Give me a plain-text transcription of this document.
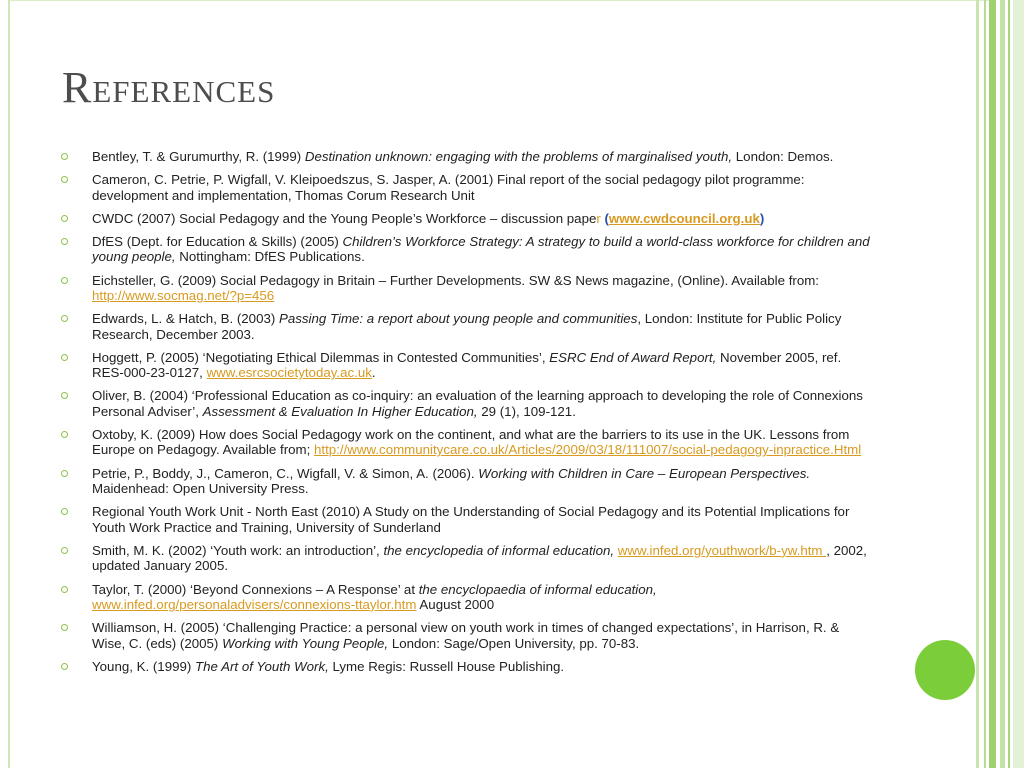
References
Bentley, T. & Gurumurthy, R. (1999) Destination unknown: engaging with the problems of marginalised youth, London: Demos.
Cameron, C. Petrie, P. Wigfall, V. Kleipoedszus, S. Jasper, A. (2001) Final report of the social pedagogy pilot programme: development and implementation, Thomas Corum Research Unit
CWDC (2007) Social Pedagogy and the Young People’s Workforce – discussion paper (www.cwdcouncil.org.uk)
DfES (Dept. for Education & Skills) (2005) Children’s Workforce Strategy: A strategy to build a world-class workforce for children and young people, Nottingham: DfES Publications.
Eichsteller, G. (2009) Social Pedagogy in Britain – Further Developments. SW &S News magazine, (Online). Available from: http://www.socmag.net/?p=456
Edwards, L. & Hatch, B. (2003) Passing Time: a report about young people and communities, London: Institute for Public Policy Research, December 2003.
Hoggett, P. (2005) ‘Negotiating Ethical Dilemmas in Contested Communities’, ESRC End of Award Report, November 2005, ref. RES-000-23-0127, www.esrcsocietytoday.ac.uk.
Oliver, B. (2004) ‘Professional Education as co-inquiry: an evaluation of the learning approach to developing the role of Connexions Personal Adviser’, Assessment & Evaluation In Higher Education, 29 (1), 109-121.
Oxtoby, K. (2009) How does Social Pedagogy work on the continent, and what are the barriers to its use in the UK. Lessons from Europe on Pedagogy. Available from; http://www.communitycare.co.uk/Articles/2009/03/18/111007/social-pedagogy-inpractice.Html
Petrie, P., Boddy, J., Cameron, C., Wigfall, V. & Simon, A. (2006). Working with Children in Care – European Perspectives. Maidenhead: Open University Press.
Regional Youth Work Unit - North East (2010) A Study on the Understanding of Social Pedagogy and its Potential Implications for Youth Work Practice and Training, University of Sunderland
Smith, M. K. (2002) ‘Youth work: an introduction’, the encyclopedia of informal education, www.infed.org/youthwork/b-yw.htm , 2002, updated January 2005.
Taylor, T. (2000) ‘Beyond Connexions – A Response’ at the encyclopaedia of informal education, www.infed.org/personaladvisers/connexions-ttaylor.htm August 2000
Williamson, H. (2005) ‘Challenging Practice: a personal view on youth work in times of changed expectations’, in Harrison, R. & Wise, C. (eds) (2005) Working with Young People, London: Sage/Open University, pp. 70-83.
Young, K. (1999) The Art of Youth Work, Lyme Regis: Russell House Publishing.
